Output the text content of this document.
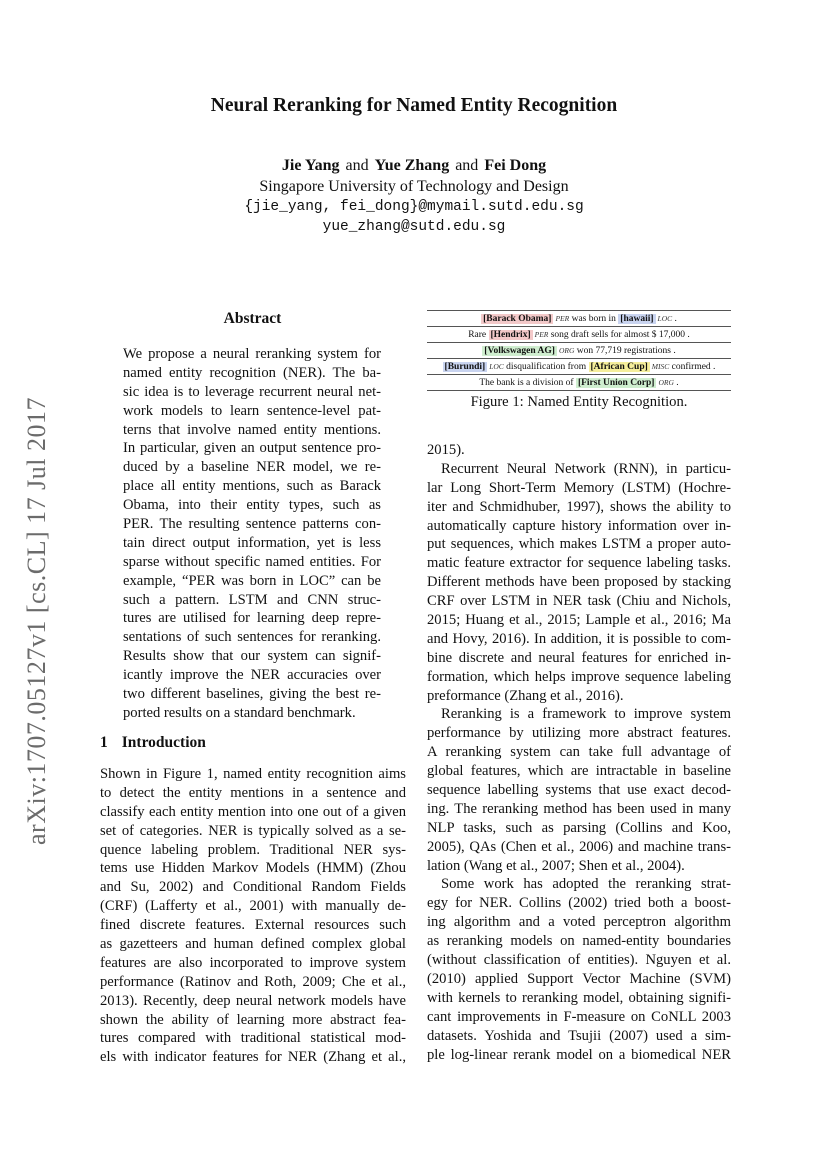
Neural Reranking for Named Entity Recognition
Jie Yang and Yue Zhang and Fei Dong
Singapore University of Technology and Design
{jie_yang, fei_dong}@mymail.sutd.edu.sg
yue_zhang@sutd.edu.sg
arXiv:1707.05127v1 [cs.CL] 17 Jul 2017
Abstract
We propose a neural reranking system for
named entity recognition (NER). The ba-
sic idea is to leverage recurrent neural net-
work models to learn sentence-level pat-
terns that involve named entity mentions.
In particular, given an output sentence pro-
duced by a baseline NER model, we re-
place all entity mentions, such as Barack
Obama, into their entity types, such as
PER. The resulting sentence patterns con-
tain direct output information, yet is less
sparse without specific named entities. For
example, “PER was born in LOC” can be
such a pattern. LSTM and CNN struc-
tures are utilised for learning deep repre-
sentations of such sentences for reranking.
Results show that our system can signif-
icantly improve the NER accuracies over
two different baselines, giving the best re-
ported results on a standard benchmark.
1 Introduction
Shown in Figure 1, named entity recognition aims
to detect the entity mentions in a sentence and
classify each entity mention into one out of a given
set of categories. NER is typically solved as a se-
quence labeling problem. Traditional NER sys-
tems use Hidden Markov Models (HMM) (Zhou
and Su, 2002) and Conditional Random Fields
(CRF) (Lafferty et al., 2001) with manually de-
fined discrete features. External resources such
as gazetteers and human defined complex global
features are also incorporated to improve system
performance (Ratinov and Roth, 2009; Che et al.,
2013). Recently, deep neural network models have
shown the ability of learning more abstract fea-
tures compared with traditional statistical mod-
els with indicator features for NER (Zhang et al.,
[Barack Obama] PER was born in [hawaii] LOC .
Rare [Hendrix] PER song draft sells for almost $ 17,000 .
[Volkswagen AG] ORG won 77,719 registrations .
[Burundi] LOC disqualification from [African Cup] MISC confirmed .
The bank is a division of [First Union Corp] ORG .
Figure 1: Named Entity Recognition.
2015).
Recurrent Neural Network (RNN), in particu-
lar Long Short-Term Memory (LSTM) (Hochre-
iter and Schmidhuber, 1997), shows the ability to
automatically capture history information over in-
put sequences, which makes LSTM a proper auto-
matic feature extractor for sequence labeling tasks.
Different methods have been proposed by stacking
CRF over LSTM in NER task (Chiu and Nichols,
2015; Huang et al., 2015; Lample et al., 2016; Ma
and Hovy, 2016). In addition, it is possible to com-
bine discrete and neural features for enriched in-
formation, which helps improve sequence labeling
preformance (Zhang et al., 2016).
Reranking is a framework to improve system
performance by utilizing more abstract features.
A reranking system can take full advantage of
global features, which are intractable in baseline
sequence labelling systems that use exact decod-
ing. The reranking method has been used in many
NLP tasks, such as parsing (Collins and Koo,
2005), QAs (Chen et al., 2006) and machine trans-
lation (Wang et al., 2007; Shen et al., 2004).
Some work has adopted the reranking strat-
egy for NER. Collins (2002) tried both a boost-
ing algorithm and a voted perceptron algorithm
as reranking models on named-entity boundaries
(without classification of entities). Nguyen et al.
(2010) applied Support Vector Machine (SVM)
with kernels to reranking model, obtaining signifi-
cant improvements in F-measure on CoNLL 2003
datasets. Yoshida and Tsujii (2007) used a sim-
ple log-linear rerank model on a biomedical NER
